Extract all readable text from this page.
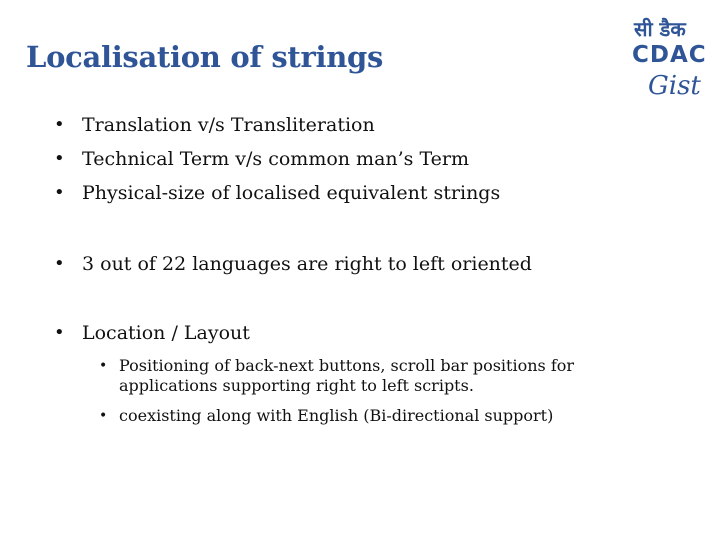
Localisation of strings
सी डैक
CDAC
Gist
• Translation v/s Transliteration
• Technical Term v/s common man’s Term
• Physical-size of localised equivalent strings
• 3 out of 22 languages are right to left oriented
• Location / Layout
• Positioning of back-next buttons, scroll bar positions for applications supporting right to left scripts.
• coexisting along with English (Bi-directional support)
